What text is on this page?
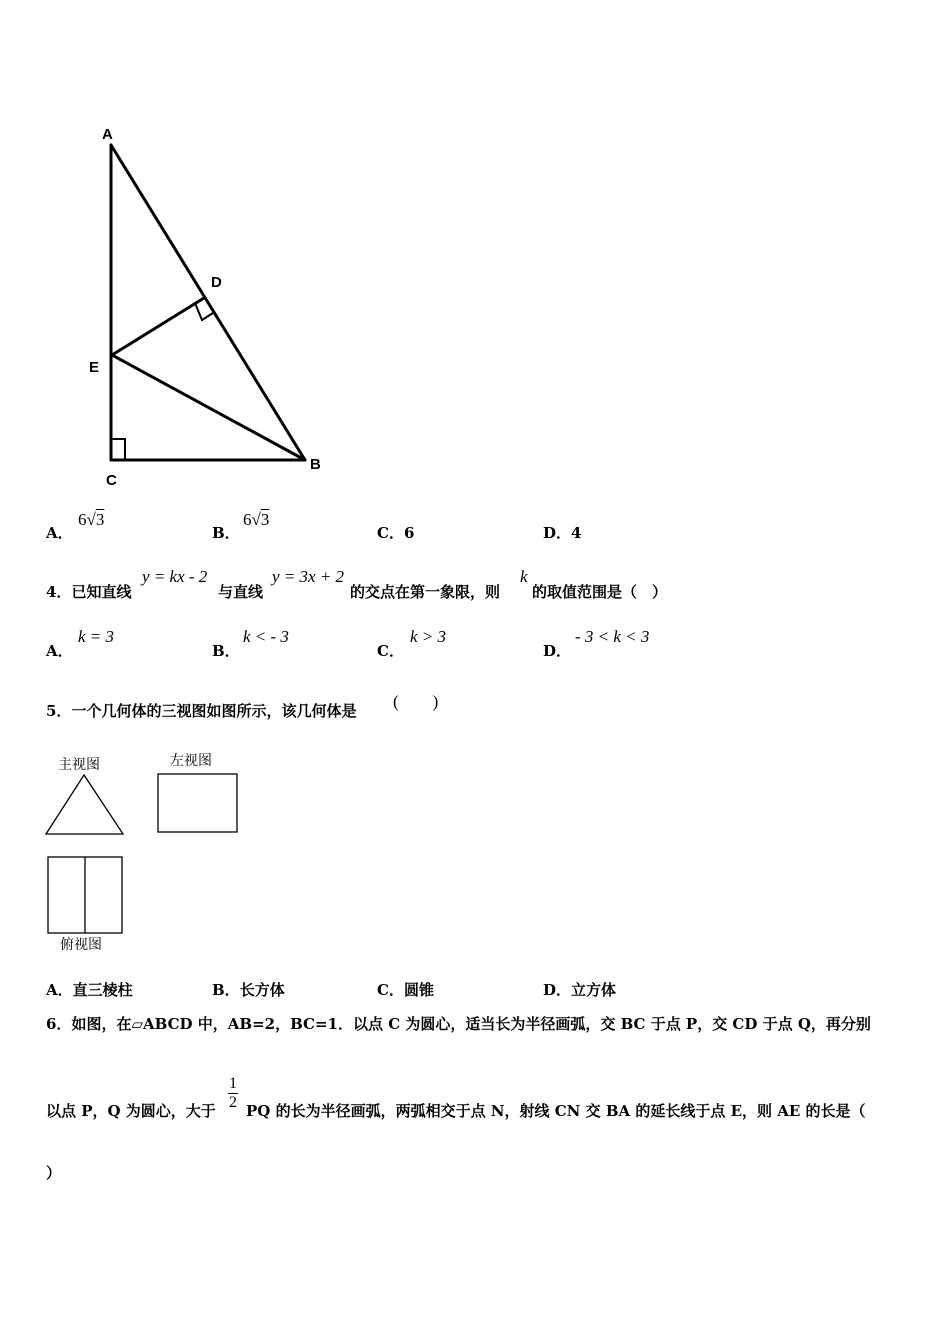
A
D
E
C
B
A．
6√3
B．
6√3
C．6	D．4
4．已知直线
y = kx - 2
与直线
y = 3x + 2
的交点在第一象限，则
k
的取值范围是（　）
A．
k = 3
B．
k < - 3
C．
k > 3
D．
- 3 < k < 3
5．一个几何体的三视图如图所示，该几何体是 (　　)
主视图	左视图
俯视图
A．直三棱柱	B．长方体	C．圆锥	D．立方体
6．如图，在▱ABCD 中，AB=2，BC=1．以点 C 为圆心，适当长为半径画弧，交 BC 于点 P，交 CD 于点 Q，再分别
以点 P，Q 为圆心，大于 $\frac{1}{2}$ PQ 的长为半径画弧，两弧相交于点 N，射线 CN 交 BA 的延长线于点 E，则 AE 的长是（
）
